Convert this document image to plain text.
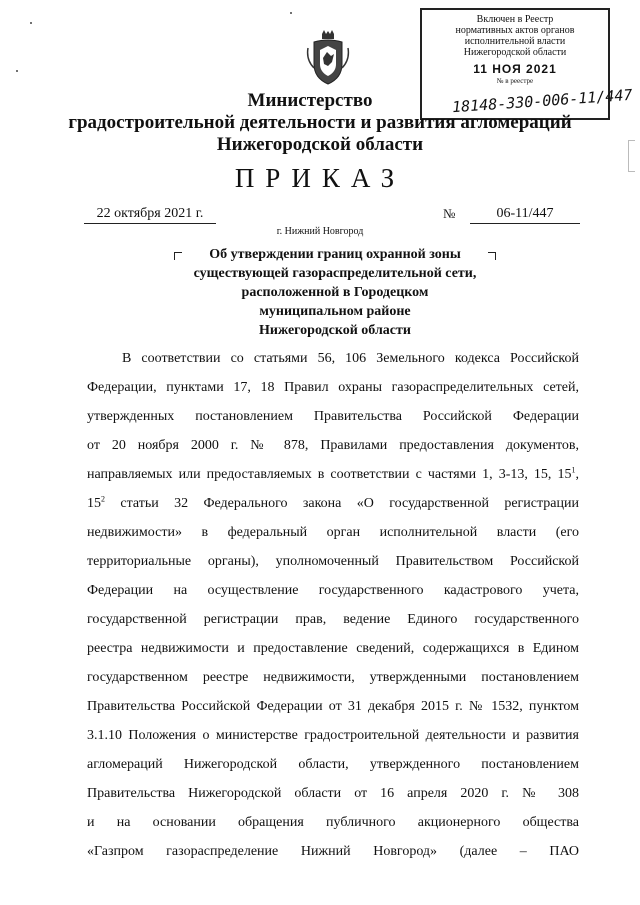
Включен в Реестр
нормативных актов органов
исполнительной власти
Нижегородской области
11 НОЯ 2021
№ в реестре
18148-330-006-11/447
Министерство
градостроительной деятельности и развития агломераций
Нижегородской области
ПРИКАЗ
22 октября 2021 г.	№	06-11/447
г. Нижний Новгород
Об утверждении границ охранной зоны
существующей газораспределительной сети,
расположенной в Городецком
муниципальном районе
Нижегородской области
В соответствии со статьями 56, 106 Земельного кодекса Российской
Федерации, пунктами 17, 18 Правил охраны газораспределительных сетей,
утвержденных постановлением Правительства Российской Федерации
от 20 ноября 2000 г. № 878, Правилами предоставления документов,
направляемых или предоставляемых в соответствии с частями 1, 3-13, 15, $15^1$,
$15^2$ статьи 32 Федерального закона «О государственной регистрации
недвижимости» в федеральный орган исполнительной власти (его
территориальные органы), уполномоченный Правительством Российской
Федерации на осуществление государственного кадастрового учета,
государственной регистрации прав, ведение Единого государственного
реестра недвижимости и предоставление сведений, содержащихся в Едином
государственном реестре недвижимости, утвержденными постановлением
Правительства Российской Федерации от 31 декабря 2015 г. № 1532, пунктом
3.1.10 Положения о министерстве градостроительной деятельности и развития
агломераций Нижегородской области, утвержденного постановлением
Правительства Нижегородской области от 16 апреля 2020 г. № 308
и на основании обращения публичного акционерного общества
«Газпром газораспределение Нижний Новгород» (далее – ПАО
